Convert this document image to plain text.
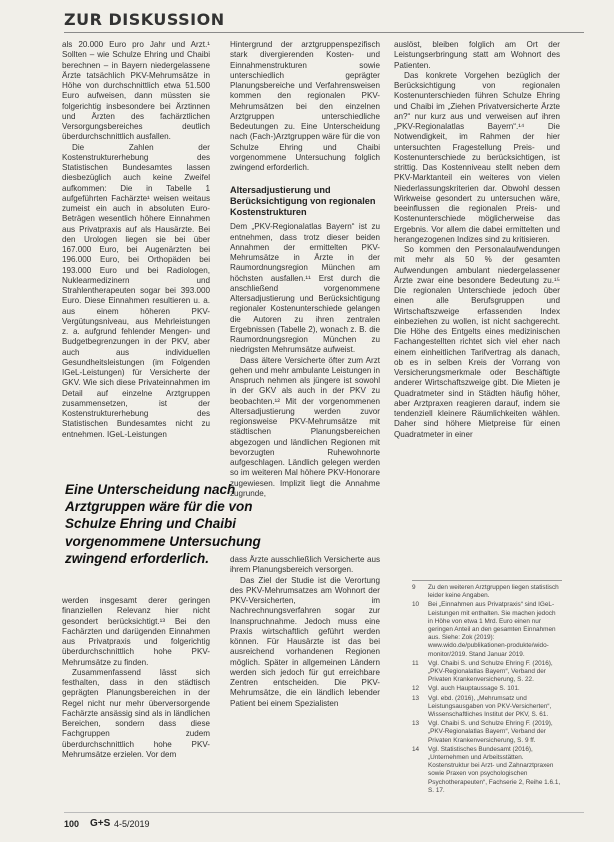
ZUR DISKUSSION

als 20.000 Euro pro Jahr und Arzt.¹ Sollten – wie Schulze Ehring und Chaibi berechnen – in Bayern niedergelassene Ärzte tatsächlich PKV-Mehrumsätze in Höhe von durchschnittlich etwa 51.500 Euro aufweisen, dann müssten sie folgerichtig insbesondere bei Ärztinnen und Ärzten des fachärztlichen Versorgungsbereiches deutlich überdurchschnittlich ausfallen.

Die Zahlen der Kostenstrukturerhebung des Statistischen Bundesamtes lassen diesbezüglich auch keine Zweifel aufkommen: Die in Tabelle 1 aufgeführten Fachärzte¹ weisen weitaus zumeist ein auch in absoluten Euro-Beträgen wesentlich höhere Einnahmen aus Privatpraxis auf als Hausärzte. Bei den Urologen liegen sie bei über 167.000 Euro, bei Augenärzten bei 196.000 Euro, bei Orthopäden bei 193.000 Euro und bei Radiologen, Nuklearmedizinern und Strahlentherapeuten sogar bei 393.000 Euro. Diese Einnahmen resultieren u. a. aus einem höheren PKV-Vergütungsniveau, aus Mehrleistungen z. a. aufgrund fehlender Mengen- und Budgetbegrenzungen in der PKV, aber auch aus individuellen Gesundheitsleistungen (im Folgenden IGeL-Leistungen) für Versicherte der GKV. Wie sich diese Privateinnahmen im Detail auf einzelne Arztgruppen zusammensetzen, ist der Kostenstrukturerhebung des Statistischen Bundesamtes nicht zu entnehmen. IGeL-Leistungen

Eine Unterscheidung nach Arztgruppen wäre für die von Schulze Ehring und Chaibi vorgenommene Untersuchung zwingend erforderlich.

werden insgesamt derer geringen finanziellen Relevanz hier nicht gesondert berücksichtigt.¹³ Bei den Fachärzten und darügenden Einnahmen aus Privatpraxis und folgerichtig überdurchschnittlich hohe PKV-Mehrumsätze zu finden.

Zusammenfassend lässt sich festhalten, dass in den städtisch geprägten Planungsbereichen in der Regel nicht nur mehr überversorgende Fachärzte ansässig sind als in ländlichen Bereichen, sondern dass diese Fachgruppen zudem überdurchschnittlich hohe PKV-Mehrumsätze erzielen. Vor dem

Hintergrund der arztgruppenspezifisch stark divergierenden Kosten- und Einnahmenstrukturen sowie unterschiedlich geprägter Planungsbereiche und Verfahrensweisen kommen den regionalen PKV-Mehrumsätzen bei den einzelnen Arztgruppen unterschiedliche Bedeutungen zu. Eine Unterscheidung nach (Fach-)Arztgruppen wäre für die von Schulze Ehring und Chaibi vorgenommene Untersuchung folglich zwingend erforderlich.

Altersadjustierung und Berücksichtigung von regionalen Kostenstrukturen

Dem „PKV-Regionalatlas Bayern“ ist zu entnehmen, dass trotz dieser beiden Annahmen der ermittelten PKV-Mehrumsätze in Ärzte in der Raumordnungsregion München am höchsten ausfallen.¹¹ Erst durch die anschließend vorgenommene Altersadjustierung und Berücksichtigung regionaler Kostenunterschiede gelangen die Autoren zu ihren zentralen Ergebnissen (Tabelle 2), wonach z. B. die Raumordnungsregion München zu niedrigsten Mehrumsätze aufweist.

Dass ältere Versicherte öfter zum Arzt gehen und mehr ambulante Leistungen in Anspruch nehmen als jüngere ist sowohl in der GKV als auch in der PKV zu beobachten.¹² Mit der vorgenommenen Altersadjustierung werden zuvor regionsweise PKV-Mehrumsätze mit städtischen Planungsbereichen abgezogen und ländlichen Regionen mit bevorzugten Ruhewohnorte aufgeschlagen. Ländlich gelegen werden so im weiteren Mal höhere PKV-Honorare zugewiesen. Implizit liegt die Annahme zugrunde,

dass Ärzte ausschließlich Versicherte aus ihrem Planungsbereich versorgen.

Das Ziel der Studie ist die Verortung des PKV-Mehrumsatzes am Wohnort der PKV-Versicherten, im Nachrechnungsverfahren sogar zur Inanspruchnahme. Jedoch muss eine Praxis wirtschaftlich geführt werden können. Für Hausärzte ist das bei ausreichend vorhandenen Regionen möglich. Später in allgemeinen Ländern werden sich jedoch für gut erreichbare Zentren entscheiden. Die PKV-Mehrumsätze, die ein ländlich lebender Patient bei einem Spezialisten

auslöst, bleiben folglich am Ort der Leistungserbringung statt am Wohnort des Patienten.

Das konkrete Vorgehen bezüglich der Berücksichtigung von regionalen Kostenunterschieden führen Schulze Ehring und Chaibi im „Ziehen Privatversicherte Ärzte an?“ nur kurz aus und verweisen auf ihren „PKV-Regionalatlas Bayern“.¹⁴ Die Notwendigkeit, im Rahmen der hier untersuchten Fragestellung Preis- und Kostenunterschiede zu berücksichtigen, ist strittig. Das Kostenniveau stellt neben dem PKV-Marktanteil ein weiteres von vielen Niederlassungskriterien dar. Obwohl dessen Wirkweise gesondert zu untersuchen wäre, beeinflussen die regionalen Preis- und Kostenunterschiede möglicherweise das Ergebnis. Vor allem die dabei ermittelten und herangezogenen Indizes sind zu kritisieren.

So kommen den Personalaufwendungen mit mehr als 50 % der gesamten Aufwendungen ambulant niedergelassener Ärzte zwar eine besondere Bedeutung zu.¹⁵ Die regionalen Unterschiede jedoch über einen alle Berufsgruppen und Wirtschaftszweige erfassenden Index einbeziehen zu wollen, ist nicht sachgerecht. Die Höhe des Entgelts eines medizinischen Fachangestellten richtet sich viel eher nach einem einheitlichen Tarifvertrag als danach, ob es in selben Kreis der Vorrang von Versicherungsmerkmale oder Beschäftigte anderer Wirtschaftszweige gibt. Die Mieten je Quadratmeter sind in Städten häufig höher, aber Arztpraxen reagieren darauf, indem sie tendenziell kleinere Räumlichkeiten wählen. Daher sind höhere Mietpreise für einen Quadratmeter in einer

9	Zu den weiteren Arztgruppen liegen statistisch leider keine Angaben.
10	Bei „Einnahmen aus Privatpraxis“ sind IGeL-Leistungen mit enthalten. Sie machen jedoch in Höhe von etwa 1 Mrd. Euro einen nur geringen Anteil an den gesamten Einnahmen aus. Siehe: Zok (2019): www.wido.de/publikationen-produkte/wido-monitor/2019. Stand Januar 2019.
11	Vgl. Chaibi S. und Schulze Ehring F. (2016), „PKV-Regionalatlas Bayern“, Verband der Privaten Krankenversicherung, S. 22.
12	Vgl. auch Hauptaussage S. 101.
13	Vgl. ebd. (2016), „Mehrumsatz und Leistungsausgaben von PKV-Versicherten“, Wissenschaftliches Institut der PKV, S. 61.
13	Vgl. Chaibi S. und Schulze Ehring F. (2019), „PKV-Regionalatlas Bayern“, Verband der Privaten Krankenversicherung, S. 9 ff.
14	Vgl. Statistisches Bundesamt (2016), „Unternehmen und Arbeitsstätten. Kostenstruktur bei Arzt- und Zahnarztpraxen sowie Praxen von psychologischen Psychotherapeuten“, Fachserie 2, Reihe 1.6.1, S. 17.
100 G+S 4-5/2019
